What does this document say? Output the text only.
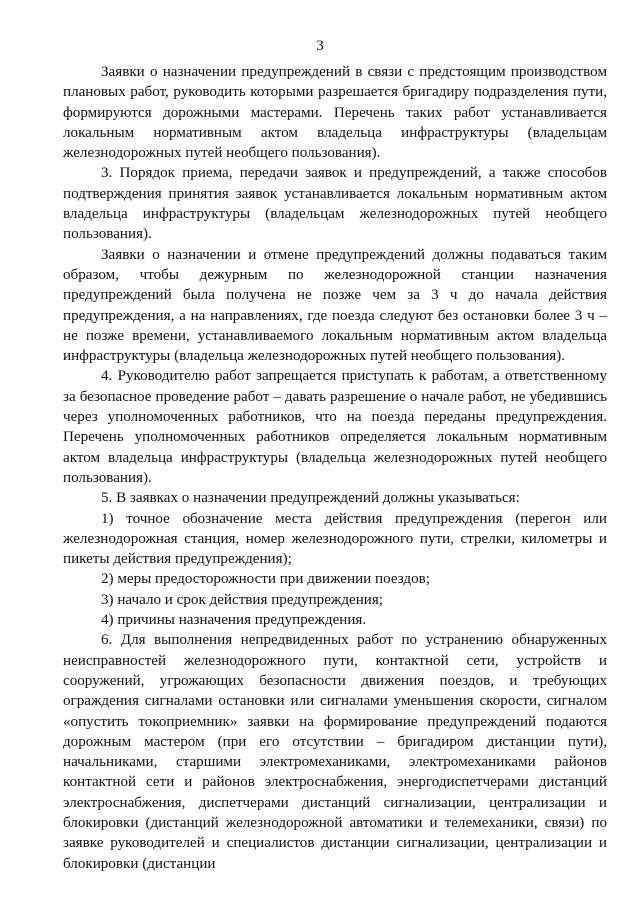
3

Заявки о назначении предупреждений в связи с предстоящим производством плановых работ, руководить которыми разрешается бригадиру подразделения пути, формируются дорожными мастерами. Перечень таких работ устанавливается локальным нормативным актом владельца инфраструктуры (владельцам железнодорожных путей необщего пользования).

3. Порядок приема, передачи заявок и предупреждений, а также способов подтверждения принятия заявок устанавливается локальным нормативным актом владельца инфраструктуры (владельцам железнодорожных путей необщего пользования).

Заявки о назначении и отмене предупреждений должны подаваться таким образом, чтобы дежурным по железнодорожной станции назначения предупреждений была получена не позже чем за 3 ч до начала действия предупреждения, а на направлениях, где поезда следуют без остановки более 3 ч – не позже времени, устанавливаемого локальным нормативным актом владельца инфраструктуры (владельца железнодорожных путей необщего пользования).

4. Руководителю работ запрещается приступать к работам, а ответственному за безопасное проведение работ – давать разрешение о начале работ, не убедившись через уполномоченных работников, что на поезда переданы предупреждения. Перечень уполномоченных работников определяется локальным нормативным актом владельца инфраструктуры (владельца железнодорожных путей необщего пользования).

5. В заявках о назначении предупреждений должны указываться:

1) точное обозначение места действия предупреждения (перегон или железнодорожная станция, номер железнодорожного пути, стрелки, километры и пикеты действия предупреждения);

2) меры предосторожности при движении поездов;

3) начало и срок действия предупреждения;

4) причины назначения предупреждения.

6. Для выполнения непредвиденных работ по устранению обнаруженных неисправностей железнодорожного пути, контактной сети, устройств и сооружений, угрожающих безопасности движения поездов, и требующих ограждения сигналами остановки или сигналами уменьшения скорости, сигналом «опустить токоприемник» заявки на формирование предупреждений подаются дорожным мастером (при его отсутствии – бригадиром дистанции пути), начальниками, старшими электромеханиками, электромеханиками районов контактной сети и районов электроснабжения, энергодиспетчерами дистанций электроснабжения, диспетчерами дистанций сигнализации, централизации и блокировки (дистанций железнодорожной автоматики и телемеханики, связи) по заявке руководителей и специалистов дистанции сигнализации, централизации и блокировки (дистанции
